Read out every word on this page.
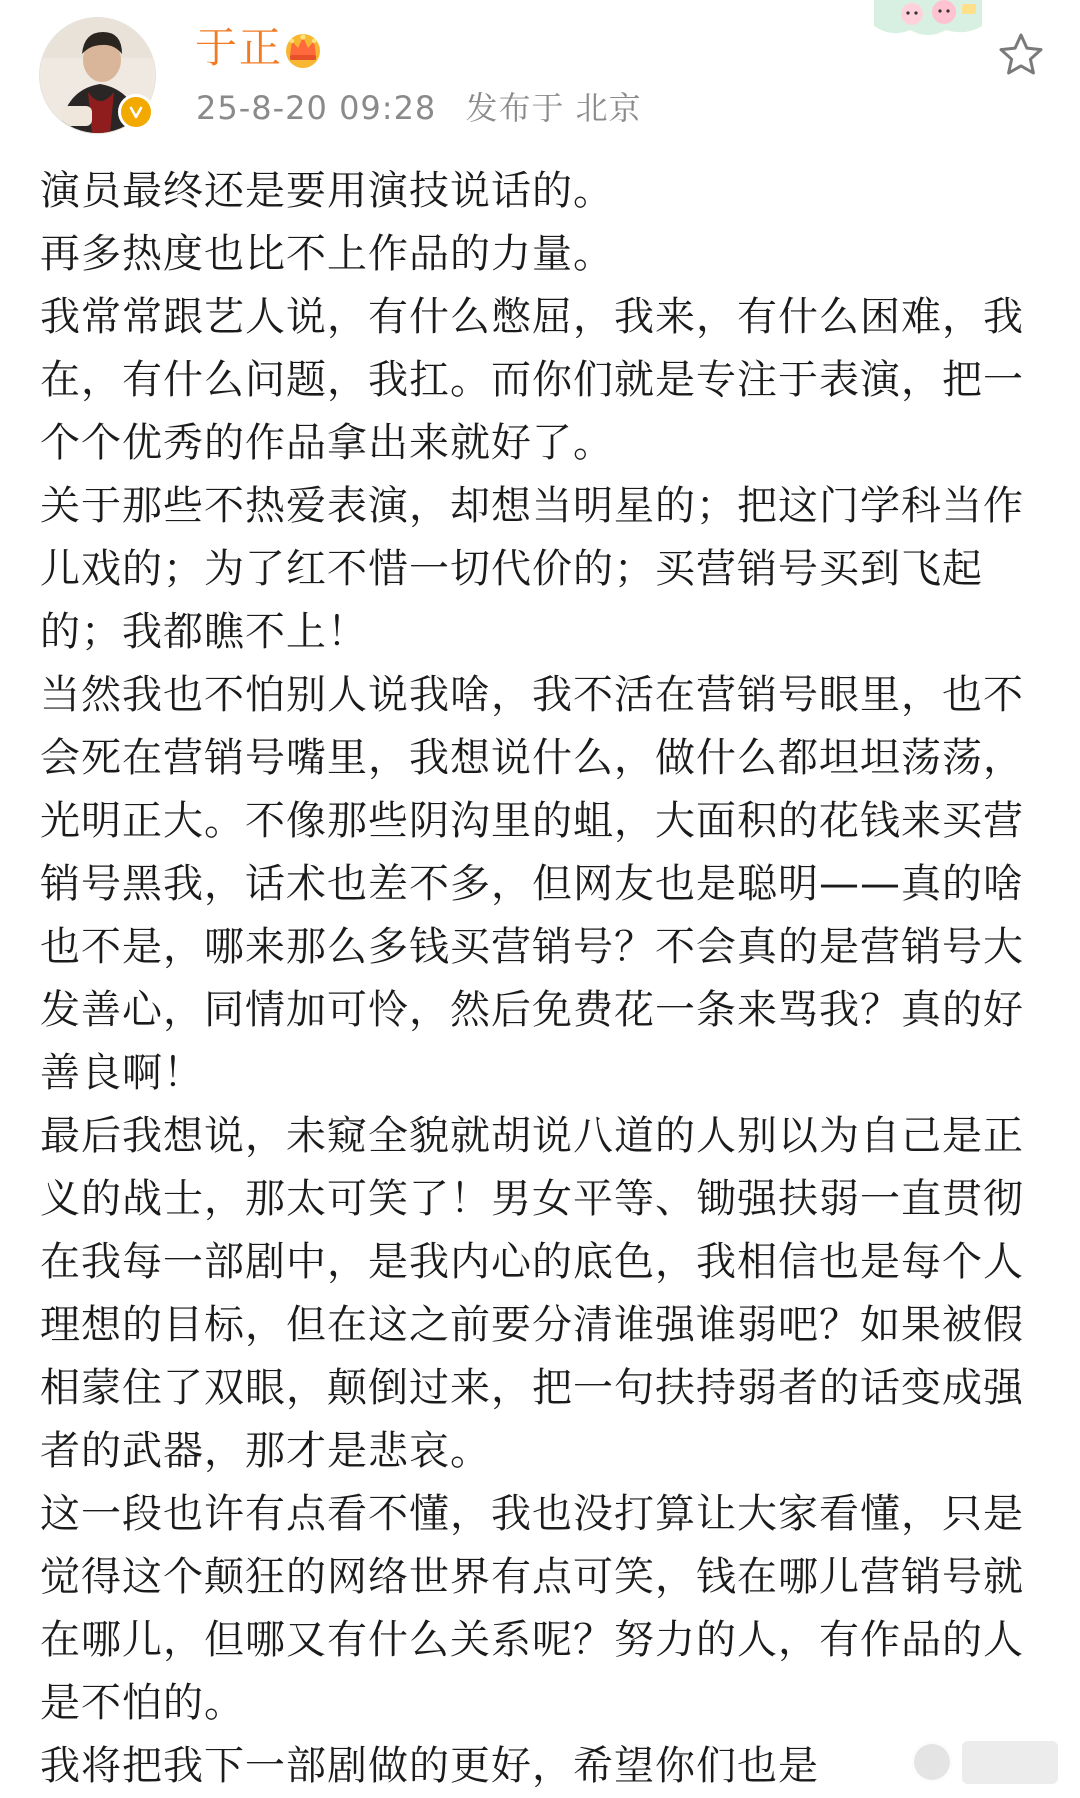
于正
25-8-20 09:28 发布于 北京

演员最终还是要用演技说话的。

再多热度也比不上作品的力量。

我常常跟艺人说，有什么憋屈，我来，有什么困难，我在，有什么问题，我扛。而你们就是专注于表演，把一个个优秀的作品拿出来就好了。

关于那些不热爱表演，却想当明星的；把这门学科当作儿戏的；为了红不惜一切代价的；买营销号买到飞起的；我都瞧不上！

当然我也不怕别人说我啥，我不活在营销号眼里，也不会死在营销号嘴里，我想说什么，做什么都坦坦荡荡，光明正大。不像那些阴沟里的蛆，大面积的花钱来买营销号黑我，话术也差不多，但网友也是聪明——真的啥也不是，哪来那么多钱买营销号？不会真的是营销号大发善心，同情加可怜，然后免费花一条来骂我？真的好善良啊！

最后我想说，未窥全貌就胡说八道的人别以为自己是正义的战士，那太可笑了！男女平等、锄强扶弱一直贯彻在我每一部剧中，是我内心的底色，我相信也是每个人理想的目标，但在这之前要分清谁强谁弱吧？如果被假相蒙住了双眼，颠倒过来，把一句扶持弱者的话变成强者的武器，那才是悲哀。

这一段也许有点看不懂，我也没打算让大家看懂，只是觉得这个颠狂的网络世界有点可笑，钱在哪儿营销号就在哪儿，但哪又有什么关系呢？努力的人，有作品的人是不怕的。

我将把我下一部剧做的更好，希望你们也是
